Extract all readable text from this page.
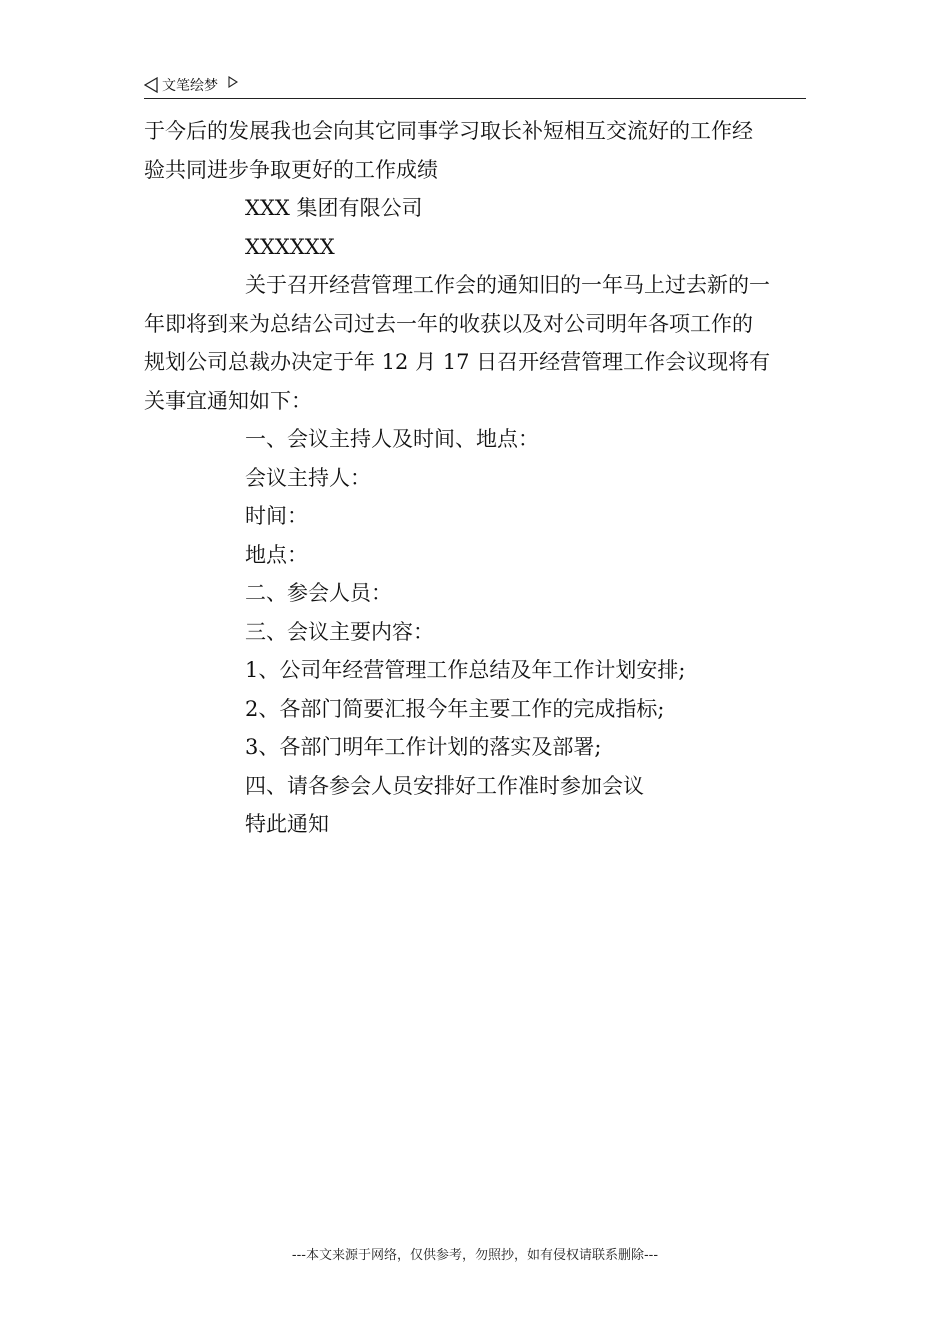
文笔绘梦
于今后的发展我也会向其它同事学习取长补短相互交流好的工作经
验共同进步争取更好的工作成绩
XXX 集团有限公司
XXXXXX
关于召开经营管理工作会的通知旧的一年马上过去新的一
年即将到来为总结公司过去一年的收获以及对公司明年各项工作的
规划公司总裁办决定于年 12 月 17 日召开经营管理工作会议现将有
关事宜通知如下：
一、会议主持人及时间、地点：
会议主持人：
时间：
地点：
二、参会人员：
三、会议主要内容：
1、公司年经营管理工作总结及年工作计划安排;
2、各部门简要汇报今年主要工作的完成指标;
3、各部门明年工作计划的落实及部署;
四、请各参会人员安排好工作准时参加会议
特此通知
---本文来源于网络，仅供参考，勿照抄，如有侵权请联系删除---
